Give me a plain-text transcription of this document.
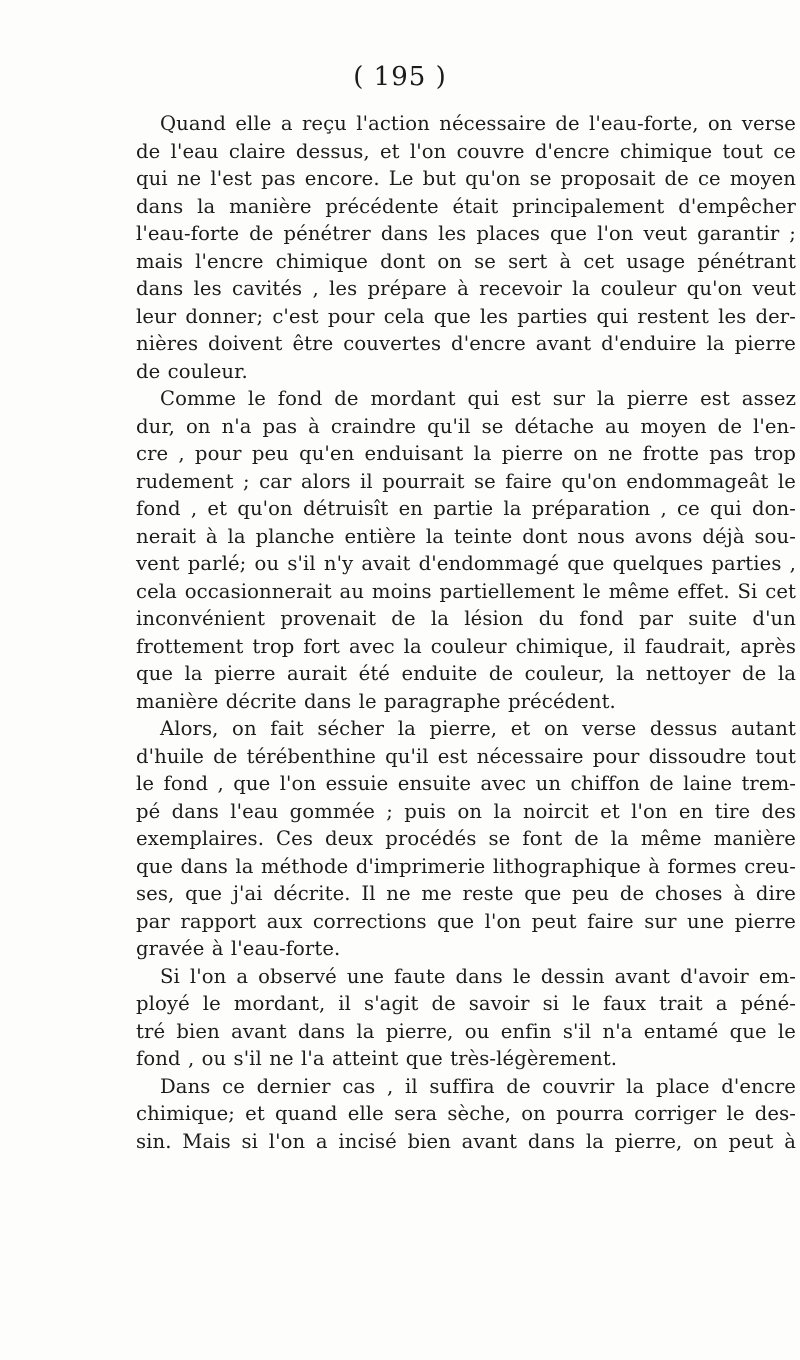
( 195 )
Quand elle a reçu l'action nécessaire de l'eau-forte, on verse
de l'eau claire dessus, et l'on couvre d'encre chimique tout ce
qui ne l'est pas encore. Le but qu'on se proposait de ce moyen
dans la manière précédente était principalement d'empêcher
l'eau-forte de pénétrer dans les places que l'on veut garantir ;
mais l'encre chimique dont on se sert à cet usage pénétrant
dans les cavités , les prépare à recevoir la couleur qu'on veut
leur donner; c'est pour cela que les parties qui restent les der-
nières doivent être couvertes d'encre avant d'enduire la pierre
de couleur.
Comme le fond de mordant qui est sur la pierre est assez
dur, on n'a pas à craindre qu'il se détache au moyen de l'en-
cre , pour peu qu'en enduisant la pierre on ne frotte pas trop
rudement ; car alors il pourrait se faire qu'on endommageât le
fond , et qu'on détruisît en partie la préparation , ce qui don-
nerait à la planche entière la teinte dont nous avons déjà sou-
vent parlé; ou s'il n'y avait d'endommagé que quelques parties ,
cela occasionnerait au moins partiellement le même effet. Si cet
inconvénient provenait de la lésion du fond par suite d'un
frottement trop fort avec la couleur chimique, il faudrait, après
que la pierre aurait été enduite de couleur, la nettoyer de la
manière décrite dans le paragraphe précédent.
Alors, on fait sécher la pierre, et on verse dessus autant
d'huile de térébenthine qu'il est nécessaire pour dissoudre tout
le fond , que l'on essuie ensuite avec un chiffon de laine trem-
pé dans l'eau gommée ; puis on la noircit et l'on en tire des
exemplaires. Ces deux procédés se font de la même manière
que dans la méthode d'imprimerie lithographique à formes creu-
ses, que j'ai décrite. Il ne me reste que peu de choses à dire
par rapport aux corrections que l'on peut faire sur une pierre
gravée à l'eau-forte.
Si l'on a observé une faute dans le dessin avant d'avoir em-
ployé le mordant, il s'agit de savoir si le faux trait a péné-
tré bien avant dans la pierre, ou enfin s'il n'a entamé que le
fond , ou s'il ne l'a atteint que très-légèrement.
Dans ce dernier cas , il suffira de couvrir la place d'encre
chimique; et quand elle sera sèche, on pourra corriger le des-
sin. Mais si l'on a incisé bien avant dans la pierre, on peut à
